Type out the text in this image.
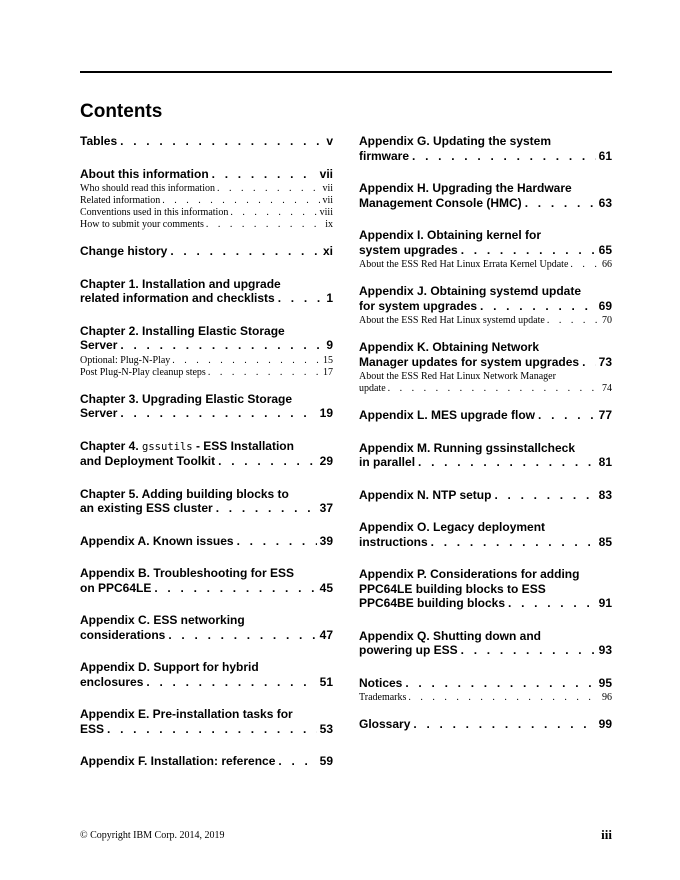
Contents
Tables . . .	v
About this information . . .	vii
Who should read this information . . .	vii
Related information . . .	vii
Conventions used in this information . . .	viii
How to submit your comments . . .	ix
Change history . . .	xi
Chapter 1. Installation and upgrade
related information and checklists . . .	1
Chapter 2. Installing Elastic Storage
Server . . .	9
Optional: Plug-N-Play . . .	15
Post Plug-N-Play cleanup steps . . .	17
Chapter 3. Upgrading Elastic Storage
Server . . .	19
Chapter 4.
gssutils
- ESS Installation
and Deployment Toolkit . . .	29
Chapter 5. Adding building blocks to
an existing ESS cluster . . .	37
Appendix A. Known issues . . .	39
Appendix B. Troubleshooting for ESS
on PPC64LE . . .	45
Appendix C. ESS networking
considerations . . .	47
Appendix D. Support for hybrid
enclosures . . .	51
Appendix E. Pre-installation tasks for
ESS . . .	53
Appendix F. Installation: reference . . .	59
Appendix G. Updating the system
firmware . . .	61
Appendix H. Upgrading the Hardware
Management Console (HMC) . . .	63
Appendix I. Obtaining kernel for
system upgrades . . .	65
About the ESS Red Hat Linux Errata Kernel Update . . .	66
Appendix J. Obtaining systemd update
for system upgrades . . .	69
About the ESS Red Hat Linux systemd update . . .	70
Appendix K. Obtaining Network
Manager updates for system upgrades . . . 73
About the ESS Red Hat Linux Network Manager
update . . .	74
Appendix L. MES upgrade flow . . .	77
Appendix M. Running gssinstallcheck
in parallel . . .	81
Appendix N. NTP setup . . .	83
Appendix O. Legacy deployment
instructions . . .	85
Appendix P. Considerations for adding
PPC64LE building blocks to ESS
PPC64BE building blocks . . .	91
Appendix Q. Shutting down and
powering up ESS . . .	93
Notices . . .	95
Trademarks . . .	96
Glossary . . .	99
© Copyright IBM Corp. 2014, 2019	iii
